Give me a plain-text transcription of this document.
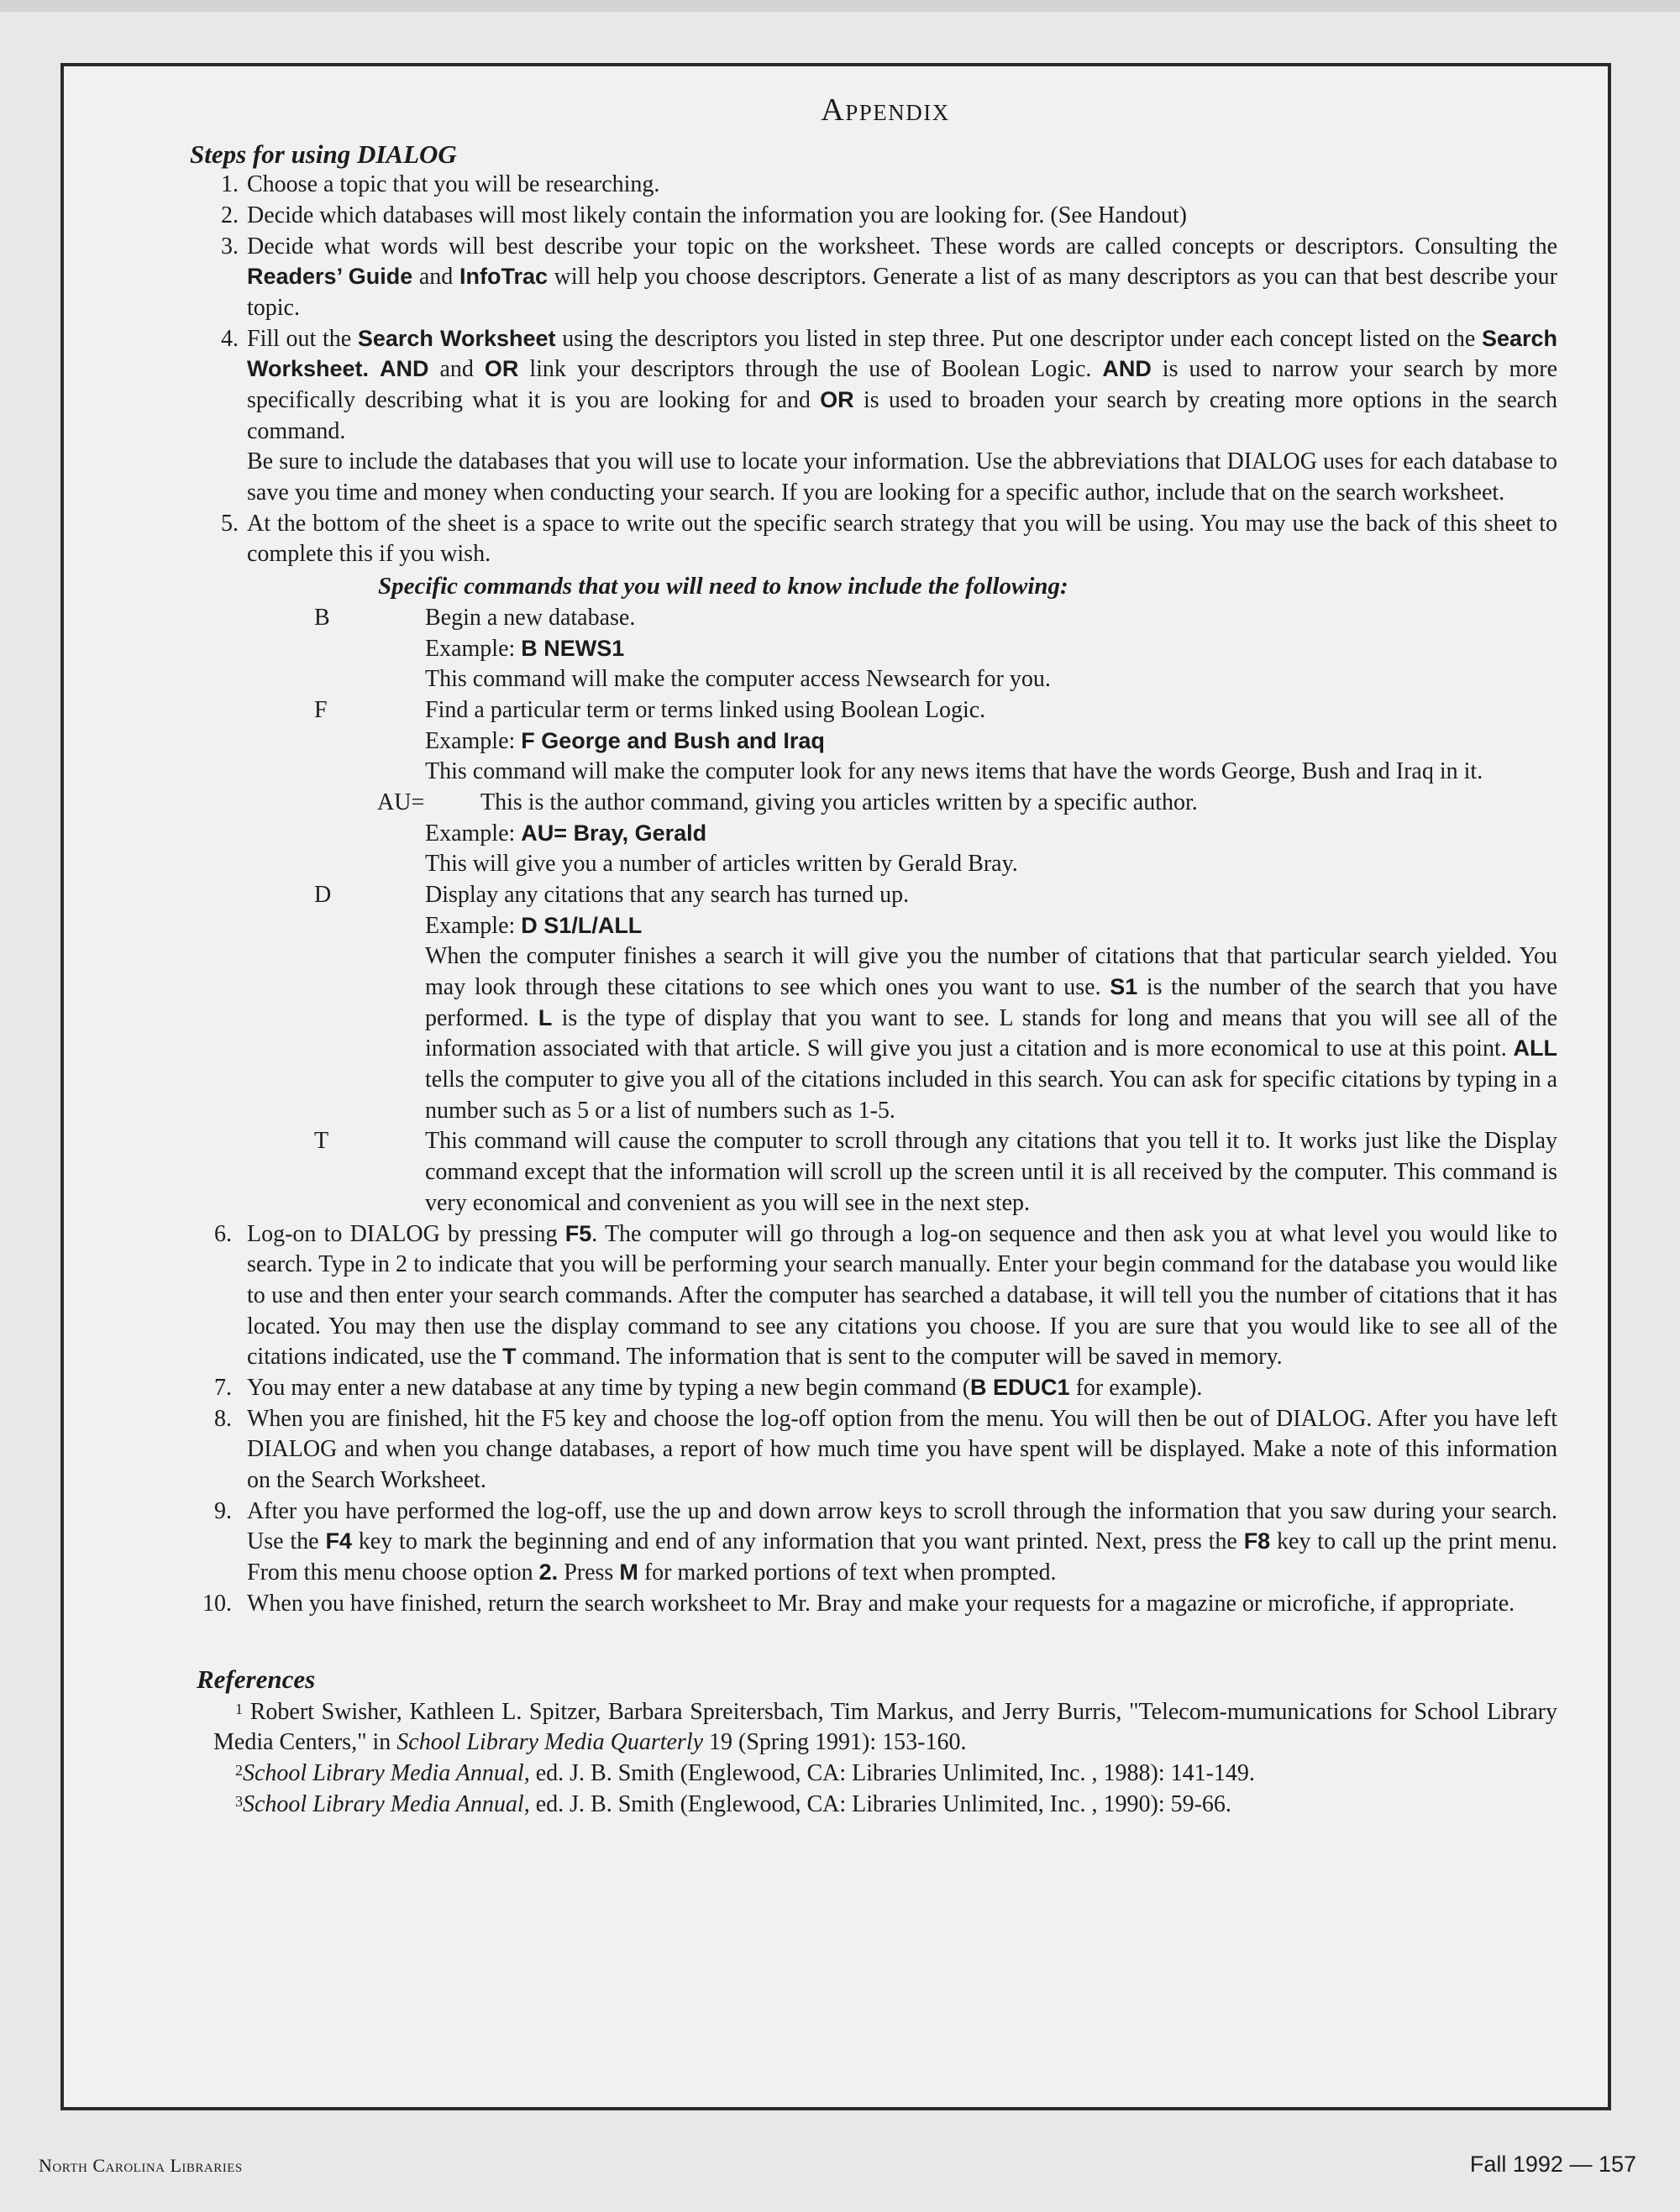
Appendix
Steps for using DIALOG
1. Choose a topic that you will be researching.
2. Decide which databases will most likely contain the information you are looking for. (See Handout)
3. Decide what words will best describe your topic on the worksheet. These words are called concepts or descriptors. Consulting the Readers’ Guide and InfoTrac will help you choose descriptors. Generate a list of as many descriptors as you can that best describe your topic.
4. Fill out the Search Worksheet using the descriptors you listed in step three. Put one descriptor under each concept listed on the Search Worksheet. AND and OR link your descriptors through the use of Boolean Logic. AND is used to narrow your search by more specifically describing what it is you are looking for and OR is used to broaden your search by creating more options in the search command.
Be sure to include the databases that you will use to locate your information. Use the abbreviations that DIALOG uses for each database to save you time and money when conducting your search. If you are looking for a specific author, include that on the search worksheet.
5. At the bottom of the sheet is a space to write out the specific search strategy that you will be using. You may use the back of this sheet to complete this if you wish.
Specific commands that you will need to know include the following:
B	Begin a new database.
Example: B NEWS1
This command will make the computer access Newsearch for you.
F	Find a particular term or terms linked using Boolean Logic.
Example: F George and Bush and Iraq
This command will make the computer look for any news items that have the words George, Bush and Iraq in it.
AU= This is the author command, giving you articles written by a specific author.
Example: AU= Bray, Gerald
This will give you a number of articles written by Gerald Bray.
D	Display any citations that any search has turned up.
Example: D S1/L/ALL
When the computer finishes a search it will give you the number of citations that that particular search yielded. You may look through these citations to see which ones you want to use. S1 is the number of the search that you have performed. L is the type of display that you want to see. L stands for long and means that you will see all of the information associated with that article. S will give you just a citation and is more economical to use at this point. ALL tells the computer to give you all of the citations included in this search. You can ask for specific citations by typing in a number such as 5 or a list of numbers such as 1-5.
T	This command will cause the computer to scroll through any citations that you tell it to. It works just like the Display command except that the information will scroll up the screen until it is all received by the computer. This command is very economical and convenient as you will see in the next step.
6. Log-on to DIALOG by pressing F5. The computer will go through a log-on sequence and then ask you at what level you would like to search. Type in 2 to indicate that you will be performing your search manually. Enter your begin command for the database you would like to use and then enter your search commands. After the computer has searched a database, it will tell you the number of citations that it has located. You may then use the display command to see any citations you choose. If you are sure that you would like to see all of the citations indicated, use the T command. The information that is sent to the computer will be saved in memory.
7. You may enter a new database at any time by typing a new begin command (B EDUC1 for example).
8. When you are finished, hit the F5 key and choose the log-off option from the menu. You will then be out of DIALOG. After you have left DIALOG and when you change databases, a report of how much time you have spent will be displayed. Make a note of this information on the Search Worksheet.
9. After you have performed the log-off, use the up and down arrow keys to scroll through the information that you saw during your search. Use the F4 key to mark the beginning and end of any information that you want printed. Next, press the F8 key to call up the print menu. From this menu choose option 2. Press M for marked portions of text when prompted.
10. When you have finished, return the search worksheet to Mr. Bray and make your requests for a magazine or microfiche, if appropriate.
References
$^1$ Robert Swisher, Kathleen L. Spitzer, Barbara Spreitersbach, Tim Markus, and Jerry Burris, "Telecom-mumunications for School Library Media Centers," in School Library Media Quarterly 19 (Spring 1991): 153-160.
$^2$School Library Media Annual, ed. J. B. Smith (Englewood, CA: Libraries Unlimited, Inc. , 1988): 141-149.
$^3$School Library Media Annual, ed. J. B. Smith (Englewood, CA: Libraries Unlimited, Inc. , 1990): 59-66.
North Carolina Libraries	Fall 1992 — 157
